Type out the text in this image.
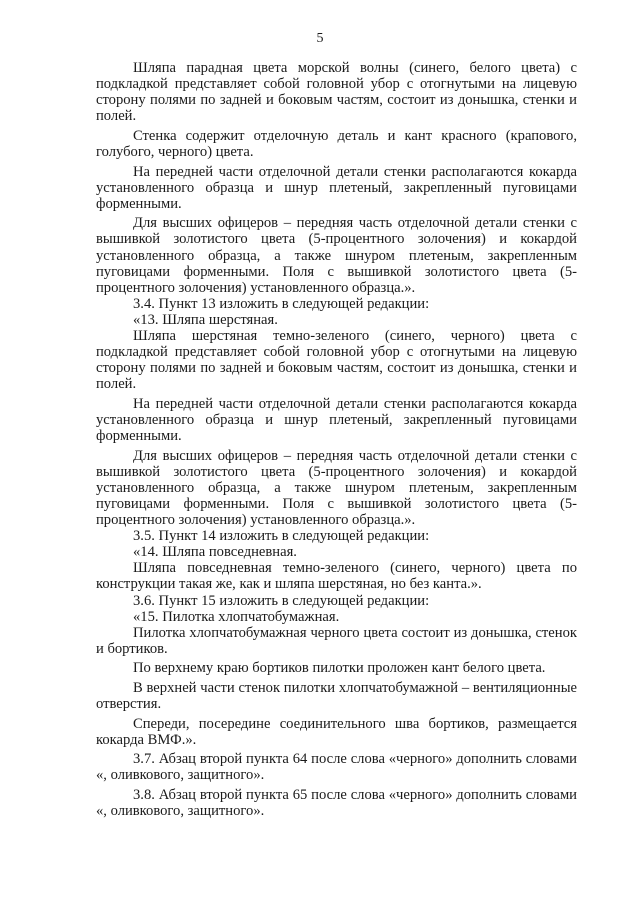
5

Шляпа парадная цвета морской волны (синего, белого цвета) с подкладкой представляет собой головной убор с отогнутыми на лицевую сторону полями по задней и боковым частям, состоит из донышка, стенки и полей.

Стенка содержит отделочную деталь и кант красного (крапового, голубого, черного) цвета.

На передней части отделочной детали стенки располагаются кокарда установленного образца и шнур плетеный, закрепленный пуговицами форменными.

Для высших офицеров – передняя часть отделочной детали стенки с вышивкой золотистого цвета (5-процентного золочения) и кокардой установленного образца, а также шнуром плетеным, закрепленным пуговицами форменными. Поля с вышивкой золотистого цвета (5-процентного золочения) установленного образца.».

3.4. Пункт 13 изложить в следующей редакции:

«13. Шляпа шерстяная.

Шляпа шерстяная темно-зеленого (синего, черного) цвета с подкладкой представляет собой головной убор с отогнутыми на лицевую сторону полями по задней и боковым частям, состоит из донышка, стенки и полей.

На передней части отделочной детали стенки располагаются кокарда установленного образца и шнур плетеный, закрепленный пуговицами форменными.

Для высших офицеров – передняя часть отделочной детали стенки с вышивкой золотистого цвета (5-процентного золочения) и кокардой установленного образца, а также шнуром плетеным, закрепленным пуговицами форменными. Поля с вышивкой золотистого цвета (5-процентного золочения) установленного образца.».

3.5. Пункт 14 изложить в следующей редакции:

«14. Шляпа повседневная.

Шляпа повседневная темно-зеленого (синего, черного) цвета по конструкции такая же, как и шляпа шерстяная, но без канта.».

3.6. Пункт 15 изложить в следующей редакции:

«15. Пилотка хлопчатобумажная.

Пилотка хлопчатобумажная черного цвета состоит из донышка, стенок и бортиков.

По верхнему краю бортиков пилотки проложен кант белого цвета.

В верхней части стенок пилотки хлопчатобумажной – вентиляционные отверстия.

Спереди, посередине соединительного шва бортиков, размещается кокарда ВМФ.».

3.7. Абзац второй пункта 64 после слова «черного» дополнить словами «, оливкового, защитного».

3.8. Абзац второй пункта 65 после слова «черного» дополнить словами «, оливкового, защитного».
